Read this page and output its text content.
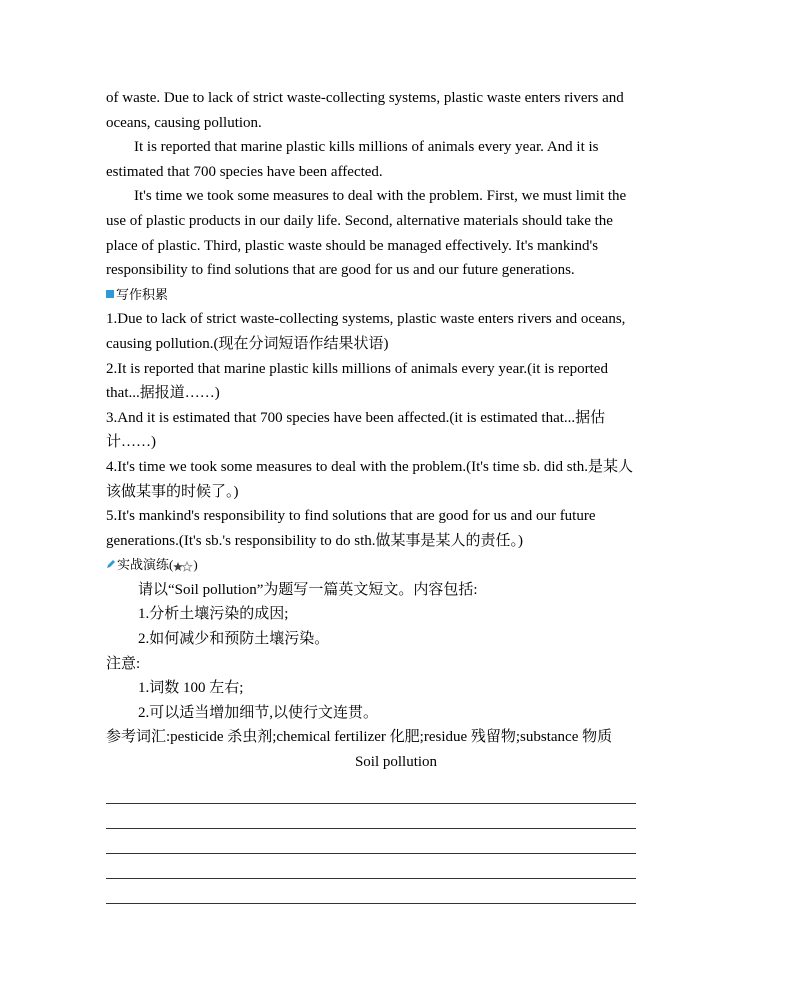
of waste. Due to lack of strict waste-collecting systems, plastic waste enters rivers and
oceans, causing pollution.
It is reported that marine plastic kills millions of animals every year. And it is
estimated that 700 species have been affected.
It's time we took some measures to deal with the problem. First, we must limit the
use of plastic products in our daily life. Second, alternative materials should take the
place of plastic. Third, plastic waste should be managed effectively. It's mankind's
responsibility to find solutions that are good for us and our future generations.
写作积累
1.Due to lack of strict waste-collecting systems, plastic waste enters rivers and oceans,
causing pollution.(现在分词短语作结果状语)
2.It is reported that marine plastic kills millions of animals every year.(it is reported
that...据报道……)
3.And it is estimated that 700 species have been affected.(it is estimated that...据估
计……)
4.It's time we took some measures to deal with the problem.(It's time sb. did sth.是某人
该做某事的时候了。)
5.It's mankind's responsibility to find solutions that are good for us and our future
generations.(It's sb.'s responsibility to do sth.做某事是某人的责任。)
实战演练( )
请以“Soil pollution”为题写一篇英文短文。内容包括:
1.分析土壤污染的成因;
2.如何减少和预防土壤污染。
注意:
1.词数 100 左右;
2.可以适当增加细节,以使行文连贯。
参考词汇:pesticide 杀虫剂;chemical fertilizer 化肥;residue 残留物;substance 物质
Soil pollution
